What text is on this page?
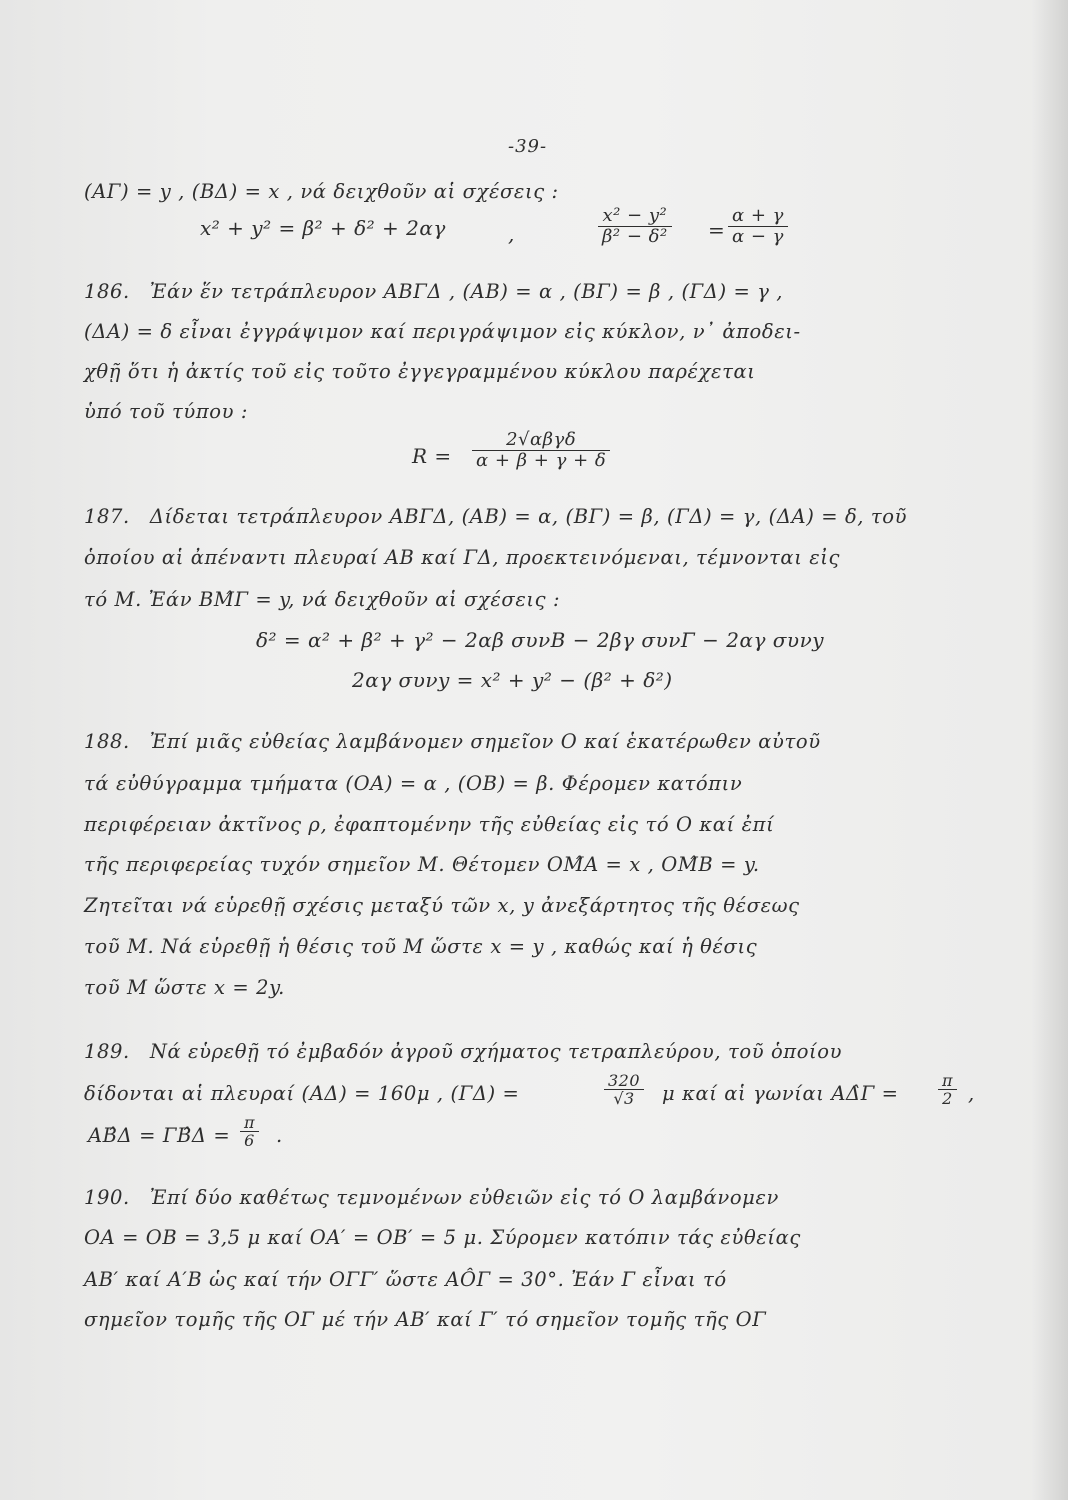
-39-
(ΑΓ) = y , (ΒΔ) = x , νά δειχθοῦν αἱ σχέσεις :
x² + y² = β² + δ² + 2αγ	,	$\frac{\text{x² − y²}}{\text{β² − δ²}} = \frac{\alpha + \gamma}{\alpha - \gamma}$
186. Ἐάν ἕν τετράπλευρον ΑΒΓΔ , (ΑΒ) = α , (ΒΓ) = β , (ΓΔ) = γ ,
(ΔΑ) = δ εἶναι ἐγγράψιμον καί περιγράψιμον εἰς κύκλον, ν᾿ ἀποδει-
χθῇ ὅτι ἡ ἀκτίς τοῦ εἰς τοῦτο ἐγγεγραμμένου κύκλου παρέχεται
ὑπό τοῦ τύπου :
R =
2√αβγδ
α + β + γ + δ
187. Δίδεται τετράπλευρον ΑΒΓΔ, (ΑΒ) = α, (ΒΓ) = β, (ΓΔ) = γ, (ΔΑ) = δ, τοῦ
ὁποίου αἱ ἀπέναντι πλευραί ΑΒ καί ΓΔ, προεκτεινόμεναι, τέμνονται εἰς
τό Μ. Ἐάν ΒΜ̂Γ = y, νά δειχθοῦν αἱ σχέσεις :
δ² = α² + β² + γ² − 2αβ συνΒ − 2βγ συνΓ − 2αγ συνy
2αγ συνy = x² + y² − (β² + δ²)
188. Ἐπί μιᾶς εὐθείας λαμβάνομεν σημεῖον Ο καί ἑκατέρωθεν αὐτοῦ
τά εὐθύγραμμα τμήματα (ΟΑ) = α , (ΟΒ) = β. Φέρομεν κατόπιν
περιφέρειαν ἀκτῖνος ρ, ἐφαπτομένην τῆς εὐθείας εἰς τό Ο καί ἐπί
τῆς περιφερείας τυχόν σημεῖον Μ. Θέτομεν ΟΜ̂Α = x , ΟΜ̂Β = y.
Ζητεῖται νά εὑρεθῇ σχέσις μεταξύ τῶν x, y ἀνεξάρτητος τῆς θέσεως
τοῦ Μ. Νά εὑρεθῇ ἡ θέσις τοῦ Μ ὥστε x = y , καθώς καί ἡ θέσις
τοῦ Μ ὥστε x = 2y.
189. Νά εὑρεθῇ τό ἐμβαδόν ἀγροῦ σχήματος τετραπλεύρου, τοῦ ὁποίου
δίδονται αἱ πλευραί (ΑΔ) = 160μ , (ΓΔ) =	$\frac{320}{√3}$ μ καί αἱ γωνίαι ΑΔ̂Γ = $\frac{\pi}{2}$ ,
ΑΒ̂Δ = ΓΒ̂Δ = $\frac{\pi}{6}$ .
190. Ἐπί δύο καθέτως τεμνομένων εὐθειῶν εἰς τό Ο λαμβάνομεν
ΟΑ = ΟΒ = 3,5 μ καί ΟΑ′ = ΟΒ′ = 5 μ. Σύρομεν κατόπιν τάς εὐθείας
ΑΒ′ καί Α′Β ὡς καί τήν ΟΓΓ′ ὥστε ΑÔΓ = 30°. Ἐάν Γ εἶναι τό
σημεῖον τομῆς τῆς ΟΓ μέ τήν ΑΒ′ καί Γ′ τό σημεῖον τομῆς τῆς ΟΓ
